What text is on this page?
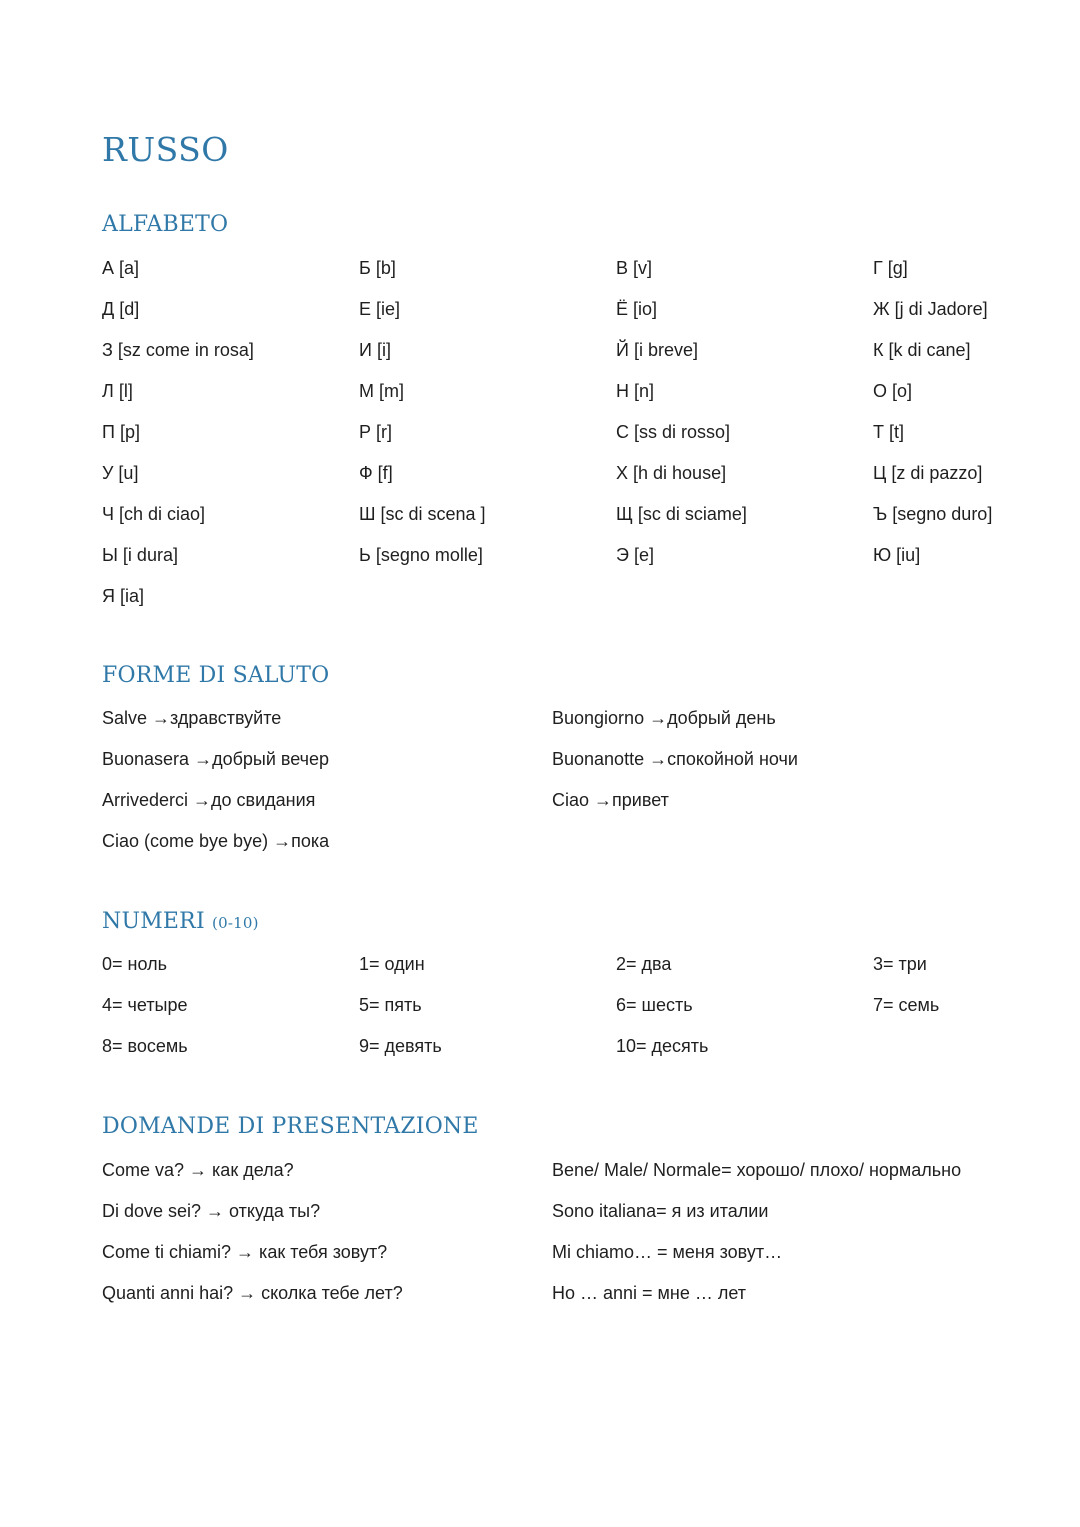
RUSSO
ALFABETO
А [a]	Б [b]	В [v]	Г [g]
Д [d]	Е [ie]	Ё [io]	Ж [j di Jadore]
З [sz come in rosa]	И [i]	Й [i breve]	К [k di cane]
Л [l]	М [m]	Н [n]	О [o]
П [p]	Р [r]	С [ss di rosso]	Т [t]
У [u]	Ф [f]	Х [h di house]	Ц [z di pazzo]
Ч [ch di ciao]	Ш [sc di scena ]	Щ [sc di sciame]	Ъ [segno duro]
Ы [i dura]	Ь [segno molle]	Э [e]	Ю [iu]
Я [ia]
FORME DI SALUTO
Salve →здравствуйте	Buongiorno →добрый день
Buonasera →добрый вечер	Buonanotte →спокойной ночи
Arrivederci →до свидания	Ciao →привет
Ciao (come bye bye) →пока
NUMERI (0-10)
0= ноль	1= один	2= два	3= три
4= четыре	5= пять	6= шесть	7= семь
8= восемь	9= девять	10= десять
DOMANDE DI PRESENTAZIONE
Come va? → как дела?	Bene/ Male/ Normale= хорошо/ плохо/ нормально
Di dove sei? → откуда ты?	Sono italiana= я из италии
Come ti chiami? → как тебя зовут?	Mi chiamo… = меня зовут…
Quanti anni hai? → сколка тебе лет?	Ho … anni = мне … лет
